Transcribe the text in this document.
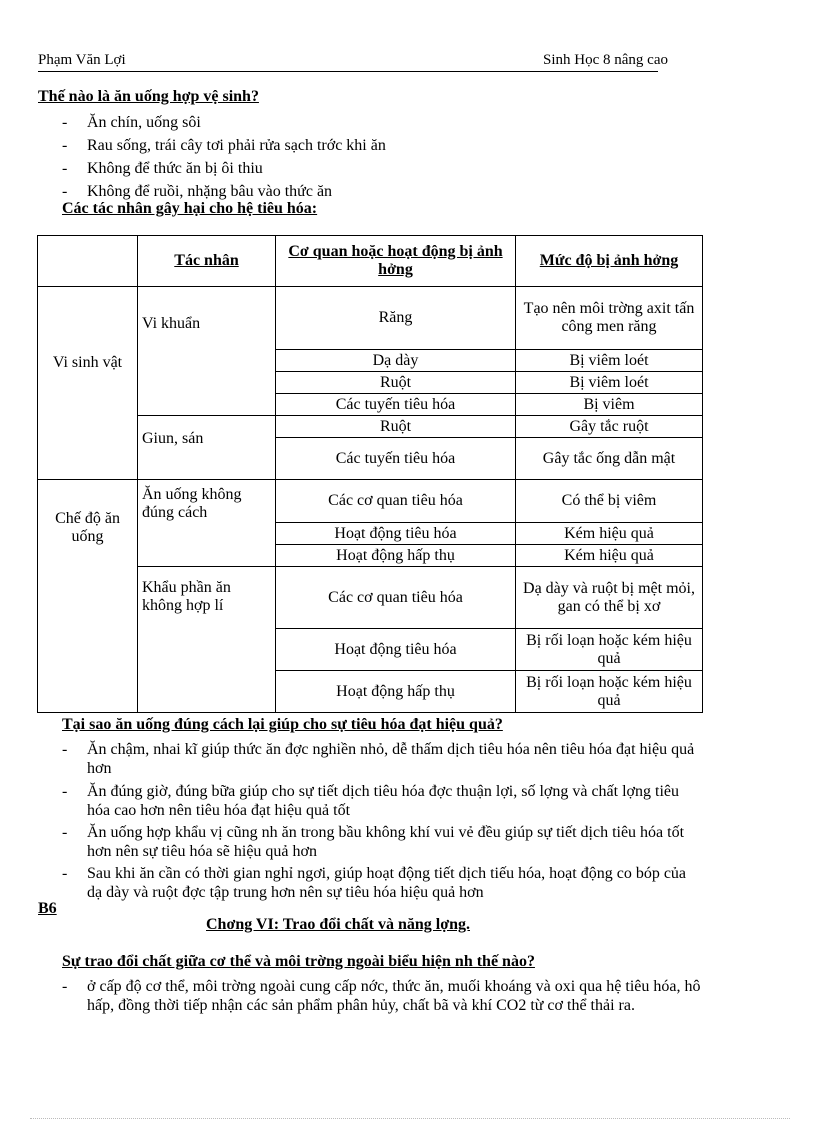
Phạm Văn Lợi	Sinh Học 8 nâng cao
Thế nào là ăn uống hợp vệ sinh?
- Ăn chín, uống sôi
- Rau sống, trái cây tơi phải rửa sạch trớc khi ăn
- Không để thức ăn bị ôi thiu
- Không để ruồi, nhặng bâu vào thức ăn
Các tác nhân gây hại cho hệ tiêu hóa:
	Tác nhân	Cơ quan hoặc hoạt động bị ảnh hởng	Mức độ bị ảnh hởng
Vi sinh vật	Vi khuẩn	Răng	Tạo nên môi trờng axit tấn công men răng
		Dạ dày	Bị viêm loét
		Ruột	Bị viêm loét
		Các tuyến tiêu hóa	Bị viêm
	Giun, sán	Ruột	Gây tắc ruột
		Các tuyến tiêu hóa	Gây tắc ống dẫn mật
Chế độ ăn uống	Ăn uống không đúng cách	Các cơ quan tiêu hóa	Có thể bị viêm
		Hoạt động tiêu hóa	Kém hiệu quả
		Hoạt động hấp thụ	Kém hiệu quả
	Khẩu phần ăn không hợp lí	Các cơ quan tiêu hóa	Dạ dày và ruột bị mệt mỏi, gan có thể bị xơ
		Hoạt động tiêu hóa	Bị rối loạn hoặc kém hiệu quả
		Hoạt động hấp thụ	Bị rối loạn hoặc kém hiệu quả
Tại sao ăn uống đúng cách lại giúp cho sự tiêu hóa đạt hiệu quả?
- Ăn chậm, nhai kĩ giúp thức ăn đợc nghiền nhỏ, dễ thấm dịch tiêu hóa nên tiêu hóa đạt hiệu quả hơn
- Ăn đúng giờ, đúng bữa giúp cho sự tiết dịch tiêu hóa đợc thuận lợi, số lợng và chất lợng tiêu hóa cao hơn nên tiêu hóa đạt hiệu quả tốt
- Ăn uống hợp khẩu vị cũng nh ăn trong bầu không khí vui vẻ đều giúp sự tiết dịch tiêu hóa tốt hơn nên sự tiêu hóa sẽ hiệu quả hơn
- Sau khi ăn cần có thời gian nghỉ ngơi, giúp hoạt động tiết dịch tiếu hóa, hoạt động co bóp của dạ dày và ruột đợc tập trung hơn nên sự tiêu hóa hiệu quả hơn
B6
Chơng VI: Trao đổi chất và năng lợng.
Sự trao đổi chất giữa cơ thể và môi trờng ngoài biểu hiện nh thế nào?
- ở cấp độ cơ thể, môi trờng ngoài cung cấp nớc, thức ăn, muối khoáng và oxi qua hệ tiêu hóa, hô hấp, đồng thời tiếp nhận các sản phẩm phân hủy, chất bã và khí CO2 từ cơ thể thải ra.
